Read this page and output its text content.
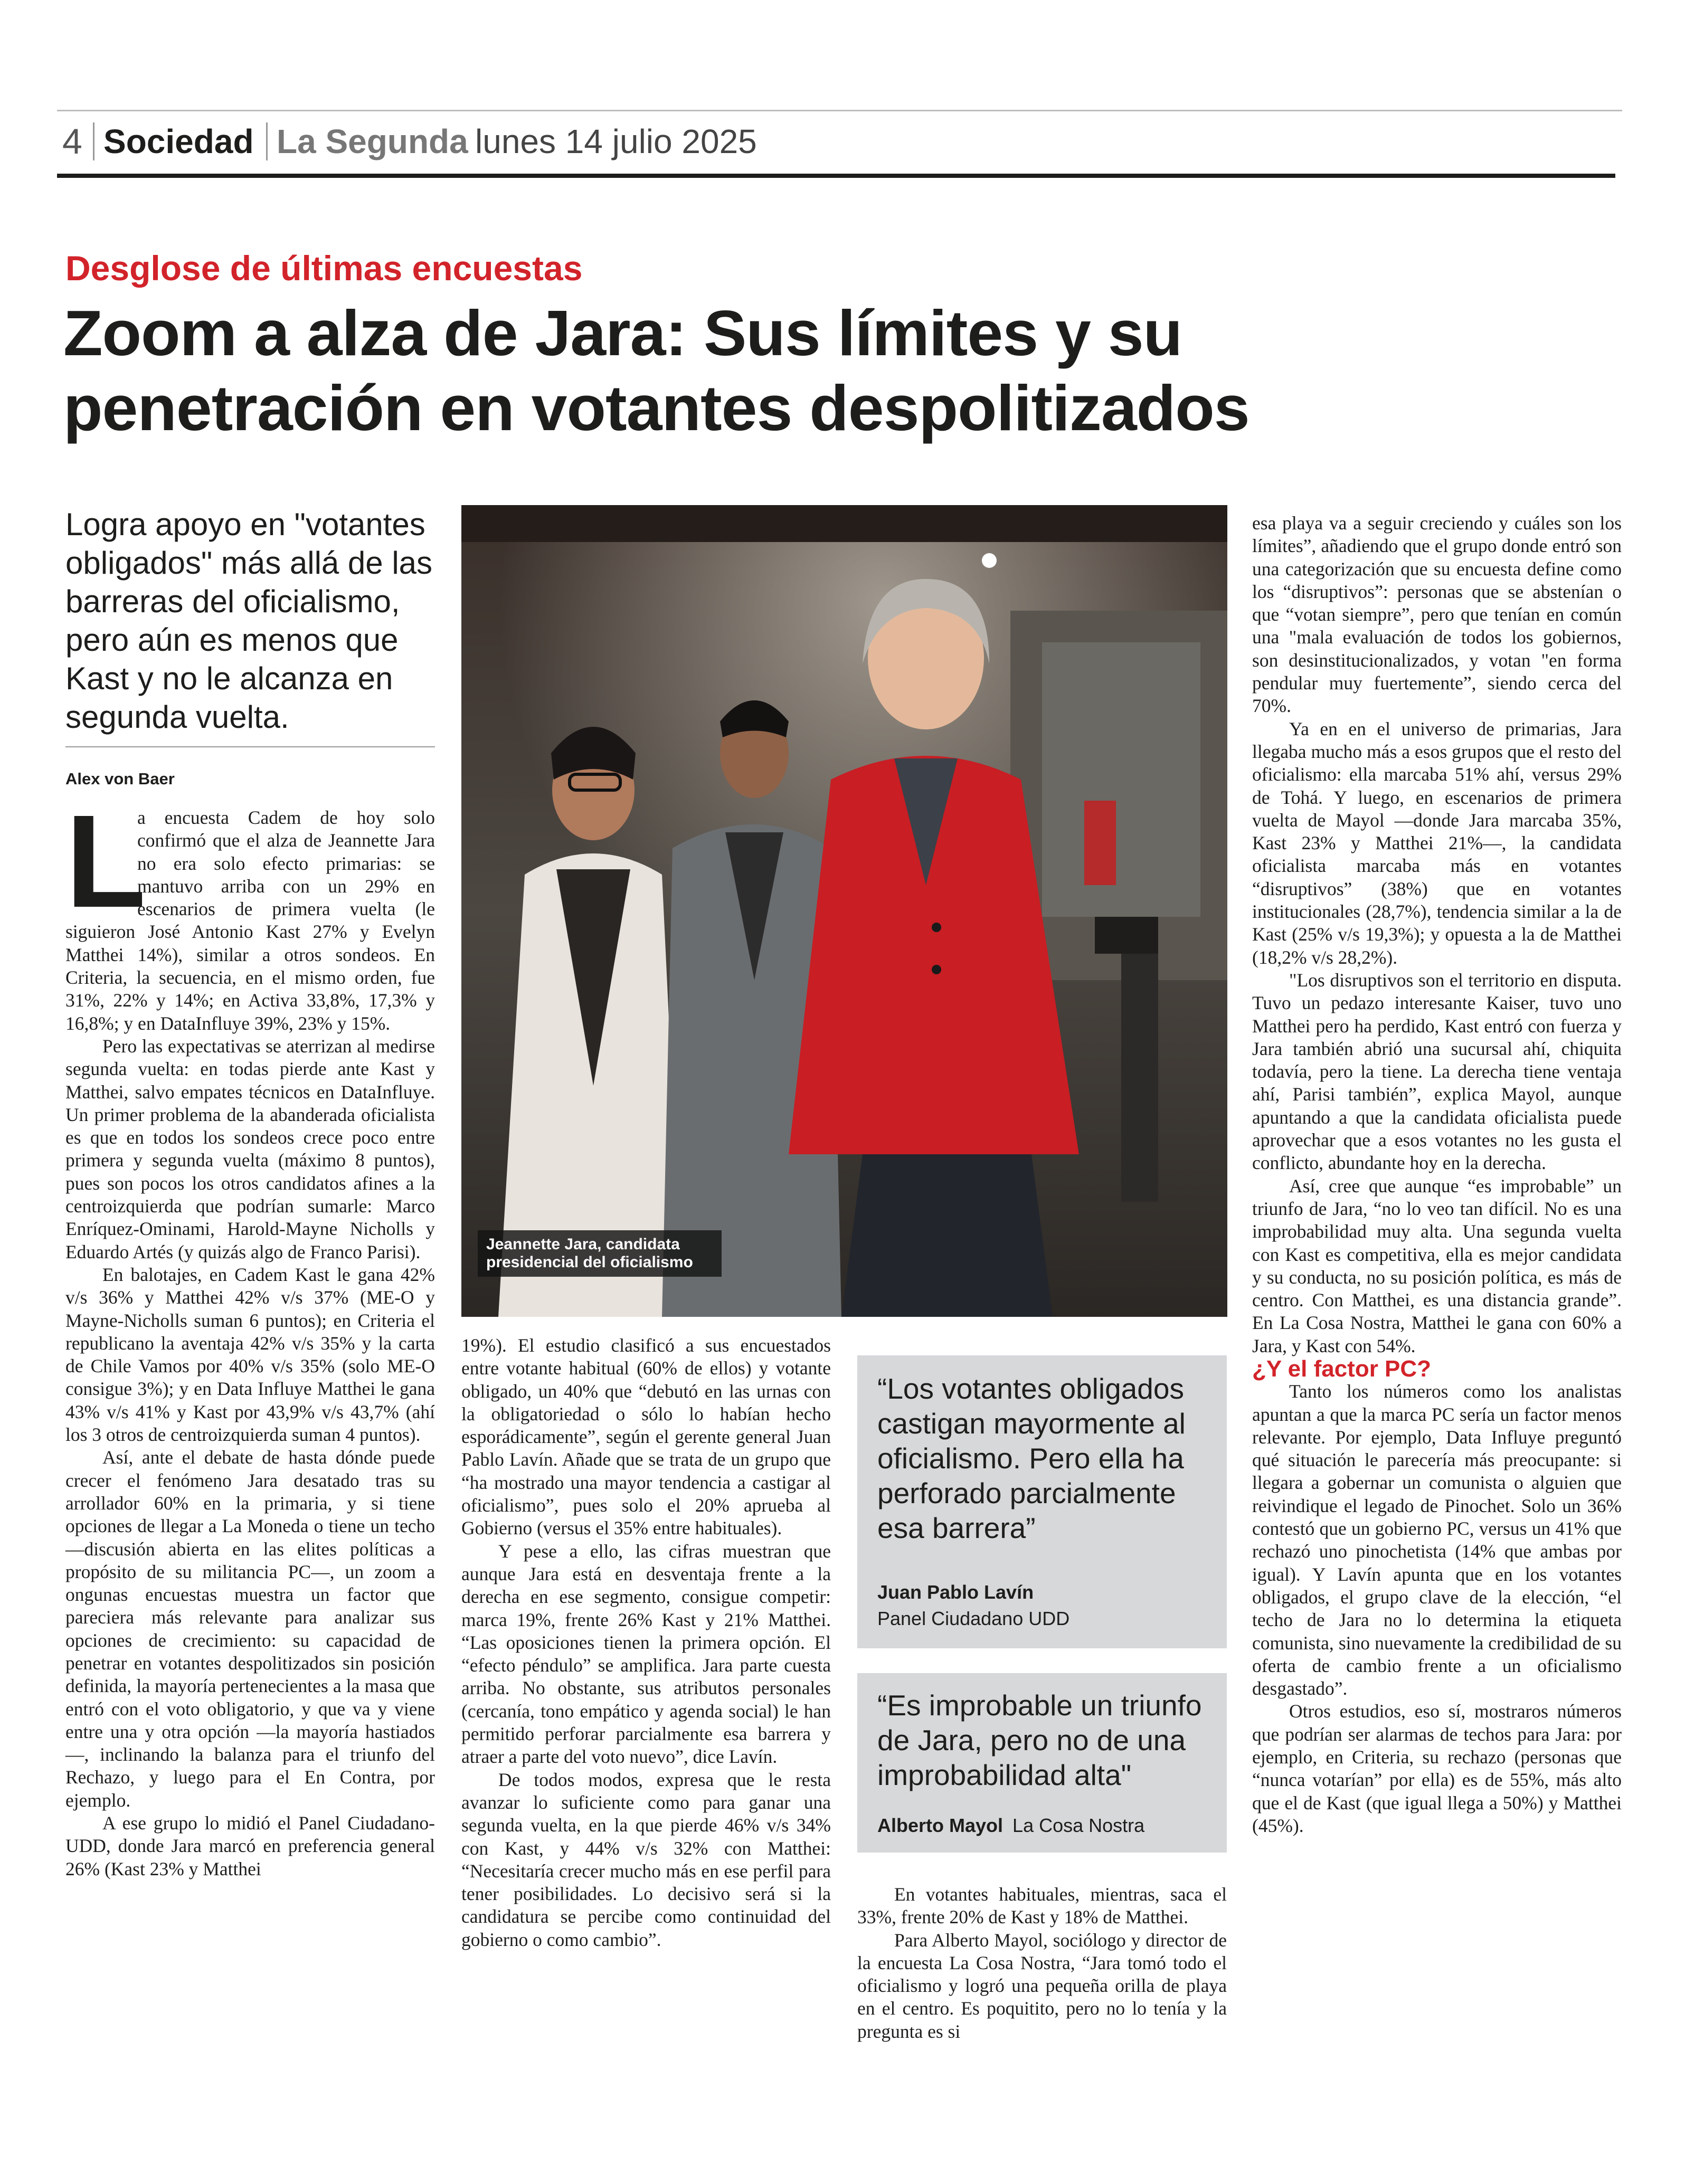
4 Sociedad La Segunda lunes 14 julio 2025
Desglose de últimas encuestas
Zoom a alza de Jara: Sus límites y su
penetración en votantes despolitizados
Logra apoyo en "votantes obligados" más allá de las barreras del oficialismo, pero aún es menos que Kast y no le alcanza en segunda vuelta.
Alex von Baer

L
a encuesta Cadem de hoy solo confirmó que el alza de Jeannette Jara no era solo efecto primarias: se mantuvo arriba con un 29% en escenarios de primera vuelta (le siguieron José Antonio Kast 27% y Evelyn Matthei 14%), similar a otros sondeos. En Criteria, la secuencia, en el mismo orden, fue 31%, 22% y 14%; en Activa 33,8%, 17,3% y 16,8%; y en DataInfluye 39%, 23% y 15%.

Pero las expectativas se aterrizan al medirse segunda vuelta: en todas pierde ante Kast y Matthei, salvo empates técnicos en DataInfluye. Un primer problema de la abanderada oficialista es que en todos los sondeos crece poco entre primera y segunda vuelta (máximo 8 puntos), pues son pocos los otros candidatos afines a la centroizquierda que podrían sumarle: Marco Enríquez-Ominami, Harold-Mayne Nicholls y Eduardo Artés (y quizás algo de Franco Parisi).

En balotajes, en Cadem Kast le gana 42% v/s 36% y Matthei 42% v/s 37% (ME-O y Mayne-Nicholls suman 6 puntos); en Criteria el republicano la aventaja 42% v/s 35% y la carta de Chile Vamos por 40% v/s 35% (solo ME-O consigue 3%); y en Data Influye Matthei le gana 43% v/s 41% y Kast por 43,9% v/s 43,7% (ahí los 3 otros de centroizquierda suman 4 puntos).

Así, ante el debate de hasta dónde puede crecer el fenómeno Jara desatado tras su arrollador 60% en la primaria, y si tiene opciones de llegar a La Moneda o tiene un techo —discusión abierta en las elites políticas a propósito de su militancia PC—, un zoom a ongunas encuestas muestra un factor que pareciera más relevante para analizar sus opciones de crecimiento: su capacidad de penetrar en votantes despolitizados sin posición definida, la mayoría pertenecientes a la masa que entró con el voto obligatorio, y que va y viene entre una y otra opción —la mayoría hastiados—, inclinando la balanza para el triunfo del Rechazo, y luego para el En Contra, por ejemplo.

A ese grupo lo midió el Panel Ciudadano-UDD, donde Jara marcó en preferencia general 26% (Kast 23% y Matthei

Jeannette Jara, candidata presidencial del oficialismo

19%). El estudio clasificó a sus encuestados entre votante habitual (60% de ellos) y votante obligado, un 40% que “debutó en las urnas con la obligatoriedad o sólo lo habían hecho esporádicamente”, según el gerente general Juan Pablo Lavín. Añade que se trata de un grupo que “ha mostrado una mayor tendencia a castigar al oficialismo”, pues solo el 20% aprueba al Gobierno (versus el 35% entre habituales).

Y pese a ello, las cifras muestran que aunque Jara está en desventaja frente a la derecha en ese segmento, consigue competir: marca 19%, frente 26% Kast y 21% Matthei. “Las oposiciones tienen la primera opción. El “efecto péndulo” se amplifica. Jara parte cuesta arriba. No obstante, sus atributos personales (cercanía, tono empático y agenda social) le han permitido perforar parcialmente esa barrera y atraer a parte del voto nuevo”, dice Lavín.

De todos modos, expresa que le resta avanzar lo suficiente como para ganar una segunda vuelta, en la que pierde 46% v/s 34% con Kast, y 44% v/s 32% con Matthei: “Necesitaría crecer mucho más en ese perfil para tener posibilidades. Lo decisivo será si la candidatura se percibe como continuidad del gobierno o como cambio”.

“Los votantes obligados castigan mayormente al oficialismo. Pero ella ha perforado parcialmente esa barrera”
Juan Pablo Lavín
Panel Ciudadano UDD
“Es improbable un triunfo de Jara, pero no de una improbabilidad alta"
Alberto Mayol La Cosa Nostra

En votantes habituales, mientras, saca el 33%, frente 20% de Kast y 18% de Matthei.

Para Alberto Mayol, sociólogo y director de la encuesta La Cosa Nostra, “Jara tomó todo el oficialismo y logró una pequeña orilla de playa en el centro. Es poquitito, pero no lo tenía y la pregunta es si

esa playa va a seguir creciendo y cuáles son los límites”, añadiendo que el grupo donde entró son una categorización que su encuesta define como los “disruptivos”: personas que se abstenían o que “votan siempre”, pero que tenían en común una "mala evaluación de todos los gobiernos, son desinstitucionalizados, y votan "en forma pendular muy fuertemente”, siendo cerca del 70%.

Ya en en el universo de primarias, Jara llegaba mucho más a esos grupos que el resto del oficialismo: ella marcaba 51% ahí, versus 29% de Tohá. Y luego, en escenarios de primera vuelta de Mayol —donde Jara marcaba 35%, Kast 23% y Matthei 21%—, la candidata oficialista marcaba más en votantes “disruptivos” (38%) que en votantes institucionales (28,7%), tendencia similar a la de Kast (25% v/s 19,3%); y opuesta a la de Matthei (18,2% v/s 28,2%).

"Los disruptivos son el territorio en disputa. Tuvo un pedazo interesante Kaiser, tuvo uno Matthei pero ha perdido, Kast entró con fuerza y Jara también abrió una sucursal ahí, chiquita todavía, pero la tiene. La derecha tiene ventaja ahí, Parisi también”, explica Mayol, aunque apuntando a que la candidata oficialista puede aprovechar que a esos votantes no les gusta el conflicto, abundante hoy en la derecha.

Así, cree que aunque “es improbable” un triunfo de Jara, “no lo veo tan difícil. No es una improbabilidad muy alta. Una segunda vuelta con Kast es competitiva, ella es mejor candidata y su conducta, no su posición política, es más de centro. Con Matthei, es una distancia grande”. En La Cosa Nostra, Matthei le gana con 60% a Jara, y Kast con 54%.

¿Y el factor PC?

Tanto los números como los analistas apuntan a que la marca PC sería un factor menos relevante. Por ejemplo, Data Influye preguntó qué situación le parecería más preocupante: si llegara a gobernar un comunista o alguien que reivindique el legado de Pinochet. Solo un 36% contestó que un gobierno PC, versus un 41% que rechazó uno pinochetista (14% que ambas por igual). Y Lavín apunta que en los votantes obligados, el grupo clave de la elección, “el techo de Jara no lo determina la etiqueta comunista, sino nuevamente la credibilidad de su oferta de cambio frente a un oficialismo desgastado”.

Otros estudios, eso sí, mostraros números que podrían ser alarmas de techos para Jara: por ejemplo, en Criteria, su rechazo (personas que “nunca votarían” por ella) es de 55%, más alto que el de Kast (que igual llega a 50%) y Matthei (45%).
